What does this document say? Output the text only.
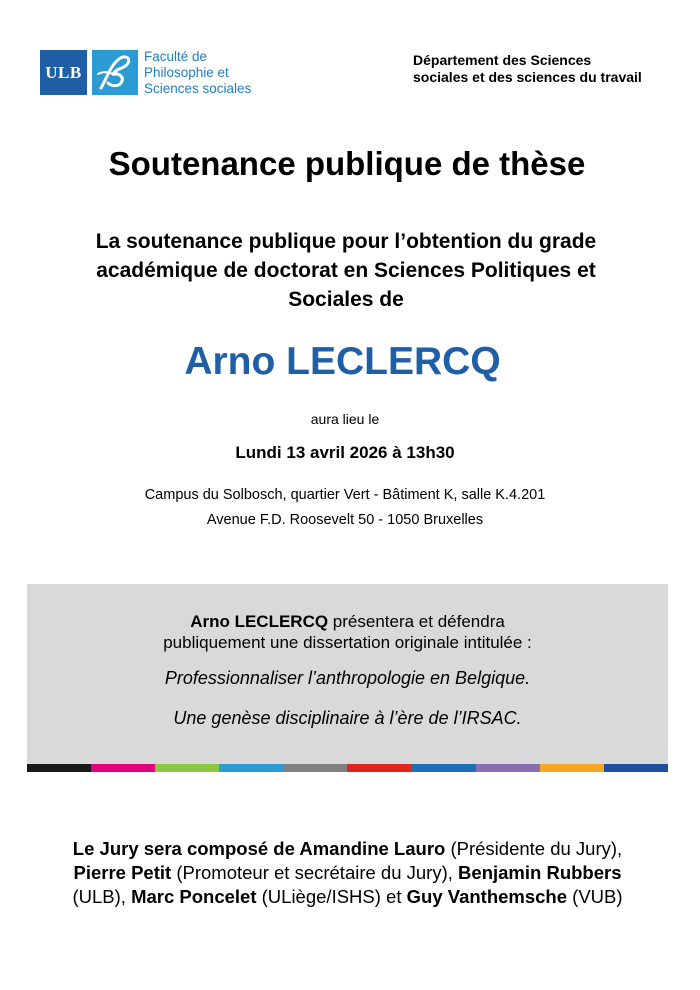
ULB
Faculté de
Philosophie et
Sciences sociales
Département des Sciences
sociales et des sciences du travail
Soutenance publique de thèse
La soutenance publique pour l’obtention du grade
académique de doctorat en Sciences Politiques et
Sociales de
Arno LECLERCQ
aura lieu le
Lundi 13 avril 2026 à 13h30
Campus du Solbosch, quartier Vert - Bâtiment K, salle K.4.201
Avenue F.D. Roosevelt 50 - 1050 Bruxelles
Arno LECLERCQ présentera et défendra
publiquement une dissertation originale intitulée :
Professionnaliser l’anthropologie en Belgique.
Une genèse disciplinaire à l’ère de l’IRSAC.
Le Jury sera composé de Amandine Lauro (Présidente du Jury),
Pierre Petit (Promoteur et secrétaire du Jury), Benjamin Rubbers
(ULB), Marc Poncelet (ULiège/ISHS) et Guy Vanthemsche (VUB)
